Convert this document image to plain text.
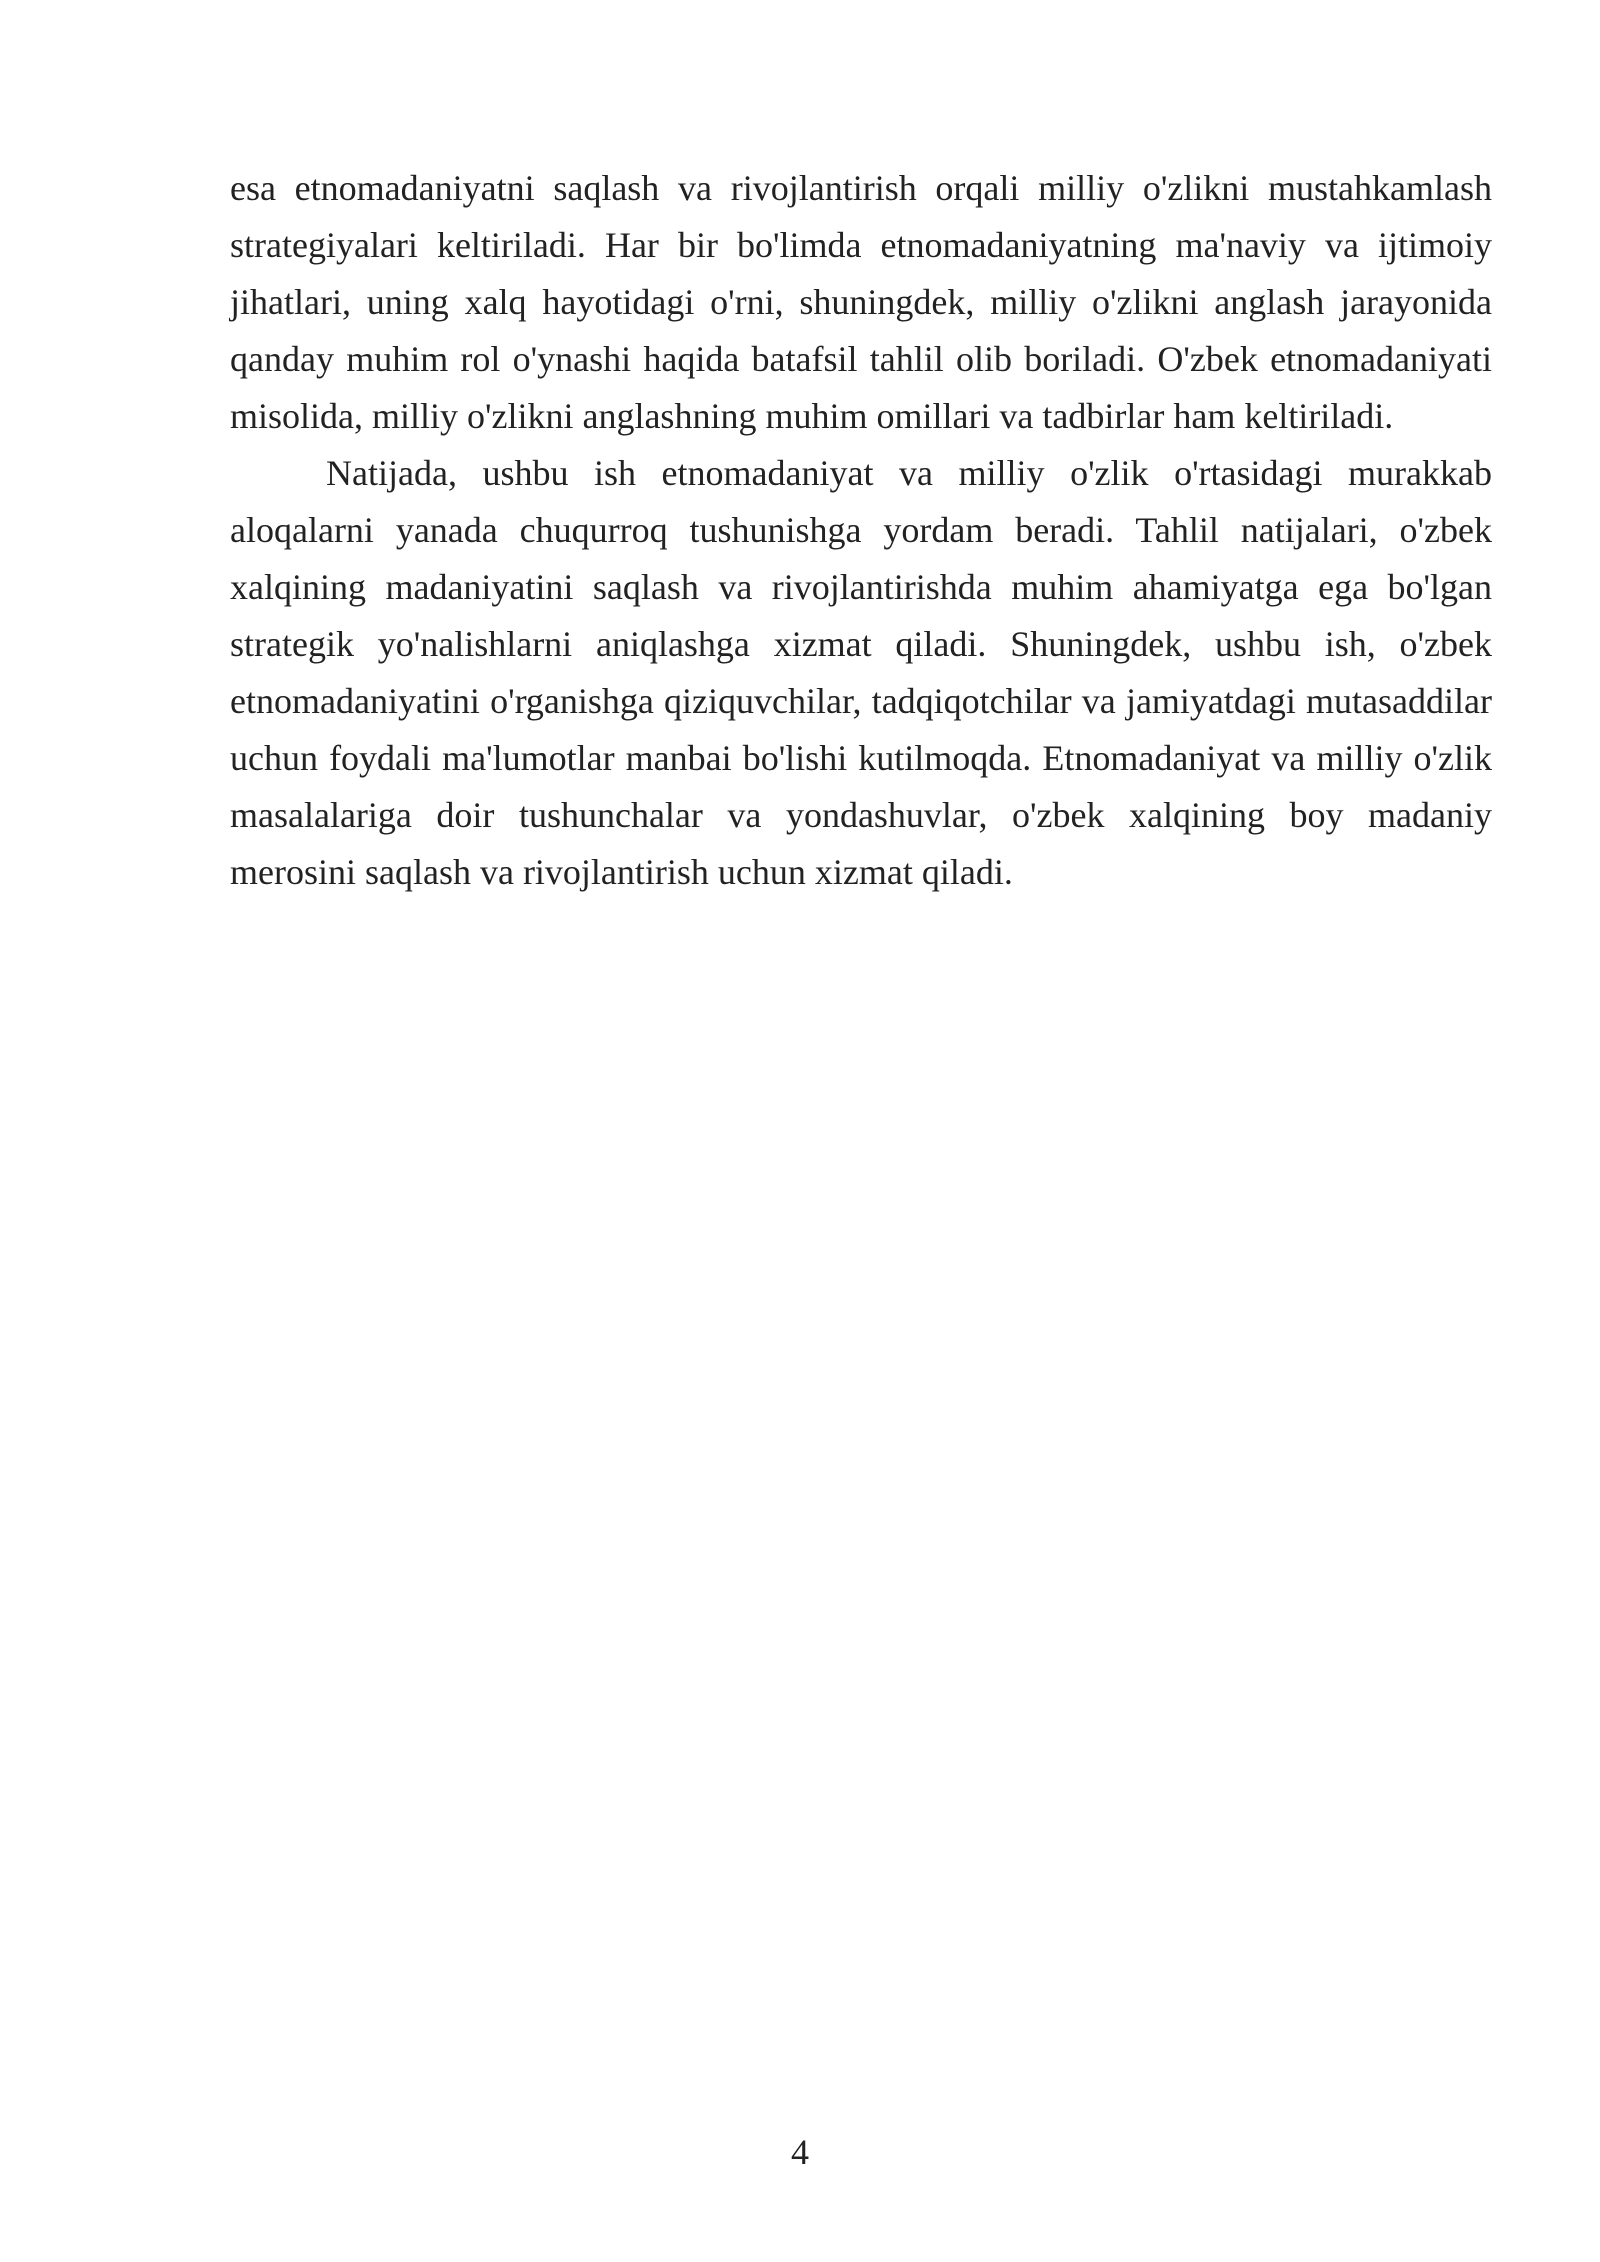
esa etnomadaniyatni saqlash va rivojlantirish orqali milliy o'zlikni mustahkamlash strategiyalari keltiriladi. Har bir bo'limda etnomadaniyatning ma'naviy va ijtimoiy jihatlari, uning xalq hayotidagi o'rni, shuningdek, milliy o'zlikni anglash jarayonida qanday muhim rol o'ynashi haqida batafsil tahlil olib boriladi. O'zbek etnomadaniyati misolida, milliy o'zlikni anglashning muhim omillari va tadbirlar ham keltiriladi.

Natijada, ushbu ish etnomadaniyat va milliy o'zlik o'rtasidagi murakkab aloqalarni yanada chuqurroq tushunishga yordam beradi. Tahlil natijalari, o'zbek xalqining madaniyatini saqlash va rivojlantirishda muhim ahamiyatga ega bo'lgan strategik yo'nalishlarni aniqlashga xizmat qiladi. Shuningdek, ushbu ish, o'zbek etnomadaniyatini o'rganishga qiziquvchilar, tadqiqotchilar va jamiyatdagi mutasaddilar uchun foydali ma'lumotlar manbai bo'lishi kutilmoqda. Etnomadaniyat va milliy o'zlik masalalariga doir tushunchalar va yondashuvlar, o'zbek xalqining boy madaniy merosini saqlash va rivojlantirish uchun xizmat qiladi.

4
